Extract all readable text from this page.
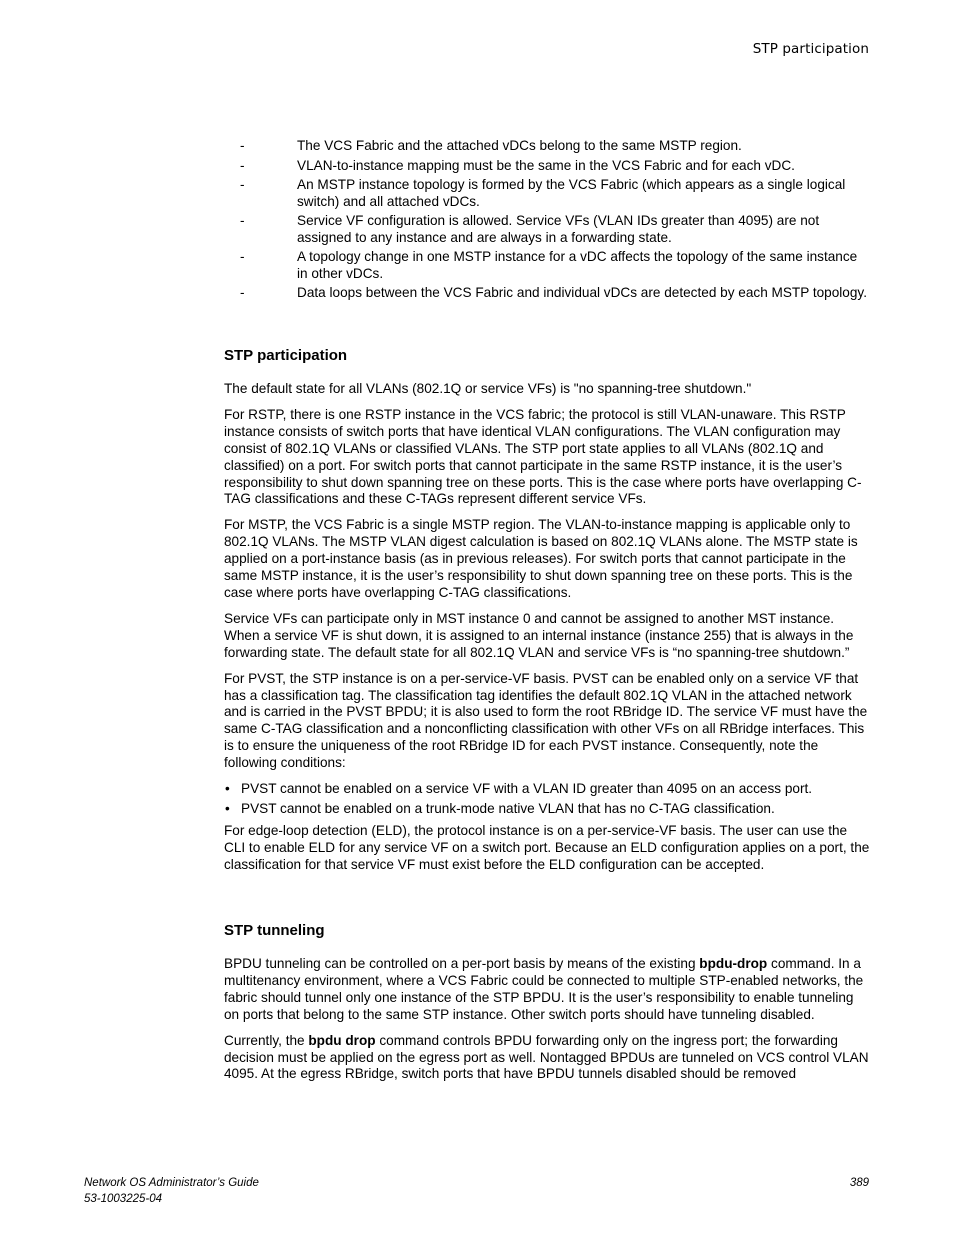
STP participation
-	The VCS Fabric and the attached vDCs belong to the same MSTP region.
-	VLAN-to-instance mapping must be the same in the VCS Fabric and for each vDC.
-	An MSTP instance topology is formed by the VCS Fabric (which appears as a single logical switch) and all attached vDCs.
-	Service VF configuration is allowed. Service VFs (VLAN IDs greater than 4095) are not assigned to any instance and are always in a forwarding state.
-	A topology change in one MSTP instance for a vDC affects the topology of the same instance in other vDCs.
-	Data loops between the VCS Fabric and individual vDCs are detected by each MSTP topology.
STP participation

The default state for all VLANs (802.1Q or service VFs) is "no spanning-tree shutdown."

For RSTP, there is one RSTP instance in the VCS fabric; the protocol is still VLAN-unaware. This RSTP instance consists of switch ports that have identical VLAN configurations. The VLAN configuration may consist of 802.1Q VLANs or classified VLANs. The STP port state applies to all VLANs (802.1Q and classified) on a port. For switch ports that cannot participate in the same RSTP instance, it is the user’s responsibility to shut down spanning tree on these ports. This is the case where ports have overlapping C-TAG classifications and these C-TAGs represent different service VFs.

For MSTP, the VCS Fabric is a single MSTP region. The VLAN-to-instance mapping is applicable only to 802.1Q VLANs. The MSTP VLAN digest calculation is based on 802.1Q VLANs alone. The MSTP state is applied on a port-instance basis (as in previous releases). For switch ports that cannot participate in the same MSTP instance, it is the user’s responsibility to shut down spanning tree on these ports. This is the case where ports have overlapping C-TAG classifications.

Service VFs can participate only in MST instance 0 and cannot be assigned to another MST instance. When a service VF is shut down, it is assigned to an internal instance (instance 255) that is always in the forwarding state. The default state for all 802.1Q VLAN and service VFs is “no spanning-tree shutdown.”

For PVST, the STP instance is on a per-service-VF basis. PVST can be enabled only on a service VF that has a classification tag. The classification tag identifies the default 802.1Q VLAN in the attached network and is carried in the PVST BPDU; it is also used to form the root RBridge ID. The service VF must have the same C-TAG classification and a nonconflicting classification with other VFs on all RBridge interfaces. This is to ensure the uniqueness of the root RBridge ID for each PVST instance. Consequently, note the following conditions:

• PVST cannot be enabled on a service VF with a VLAN ID greater than 4095 on an access port.
• PVST cannot be enabled on a trunk-mode native VLAN that has no C-TAG classification.

For edge-loop detection (ELD), the protocol instance is on a per-service-VF basis. The user can use the CLI to enable ELD for any service VF on a switch port. Because an ELD configuration applies on a port, the classification for that service VF must exist before the ELD configuration can be accepted.

STP tunneling

BPDU tunneling can be controlled on a per-port basis by means of the existing bpdu-drop command. In a multitenancy environment, where a VCS Fabric could be connected to multiple STP-enabled networks, the fabric should tunnel only one instance of the STP BPDU. It is the user’s responsibility to enable tunneling on ports that belong to the same STP instance. Other switch ports should have tunneling disabled.

Currently, the bpdu drop command controls BPDU forwarding only on the ingress port; the forwarding decision must be applied on the egress port as well. Nontagged BPDUs are tunneled on VCS control VLAN 4095. At the egress RBridge, switch ports that have BPDU tunnels disabled should be removed

Network OS Administrator’s Guide
53-1003225-04
389
